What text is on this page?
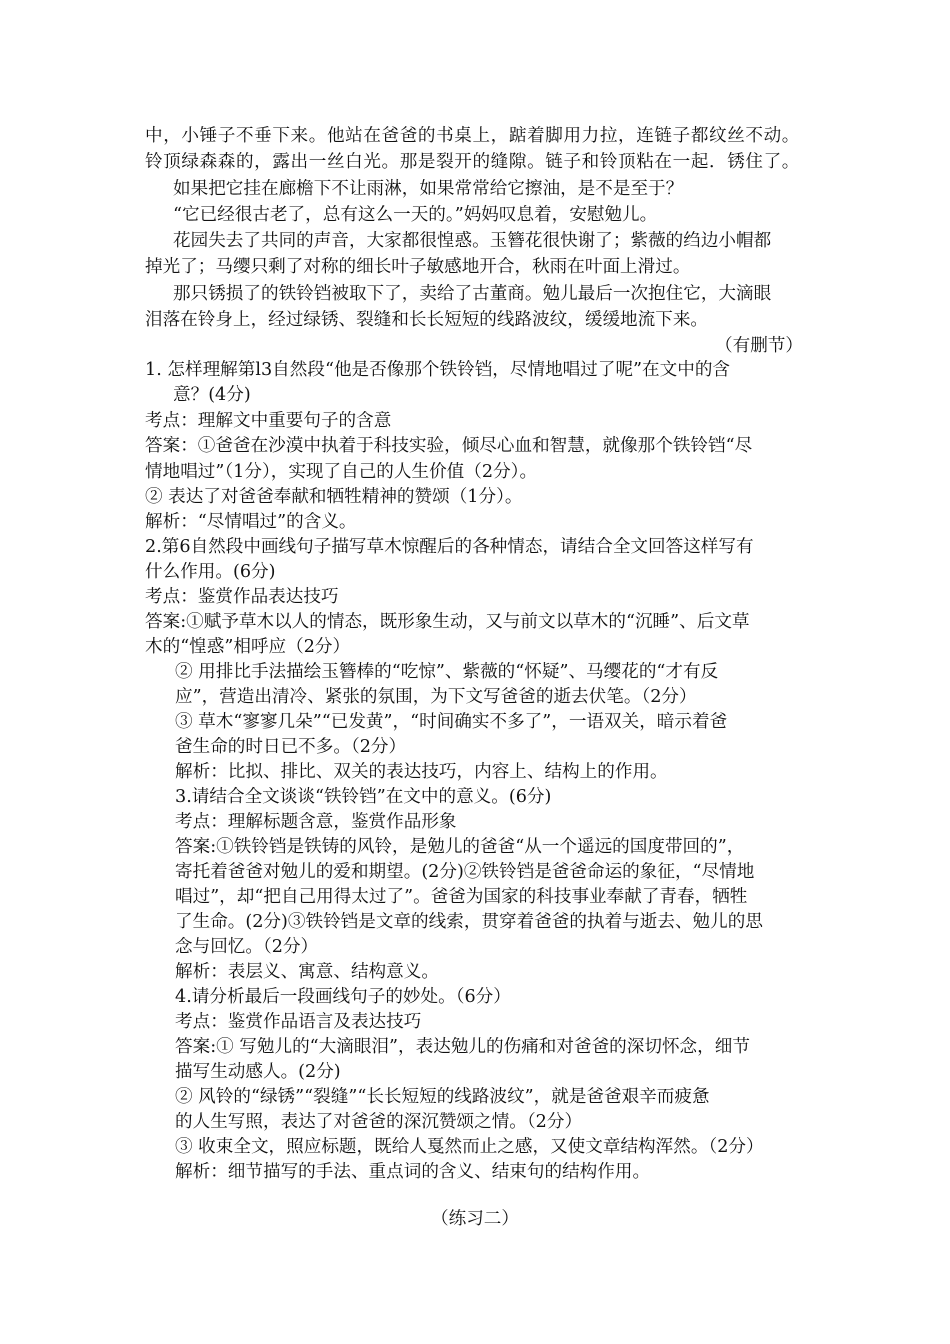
中，小锤子不垂下来。他站在爸爸的书桌上，踮着脚用力拉，连链子都纹丝不动。
铃顶绿森森的，露出一丝白光。那是裂开的缝隙。链子和铃顶粘在一起．锈住了。
如果把它挂在廊檐下不让雨淋，如果常常给它擦油，是不是至于？
“它已经很古老了，总有这么一天的。”妈妈叹息着，安慰勉儿。
花园失去了共同的声音，大家都很惶惑。玉簪花很快谢了；紫薇的绉边小帽都
掉光了；马缨只剩了对称的细长叶子敏感地开合，秋雨在叶面上滑过。
那只锈损了的铁铃铛被取下了，卖给了古董商。勉儿最后一次抱住它，大滴眼
泪落在铃身上，经过绿锈、裂缝和长长短短的线路波纹，缓缓地流下来。
（有删节）
1. 怎样理解第l3自然段“他是否像那个铁铃铛，尽情地唱过了呢”在文中的含
意？(4分)
考点：理解文中重要句子的含意
答案：①爸爸在沙漠中执着于科技实验，倾尽心血和智慧，就像那个铁铃铛“尽
情地唱过”（1分），实现了自己的人生价值（2分）。
② 表达了对爸爸奉献和牺牲精神的赞颂（1分）。
解析：“尽情唱过”的含义。
2.第6自然段中画线句子描写草木惊醒后的各种情态，请结合全文回答这样写有
什么作用。(6分)
考点：鉴赏作品表达技巧
答案:①赋予草木以人的情态，既形象生动，又与前文以草木的“沉睡”、后文草
木的“惶惑”相呼应（2分）
② 用排比手法描绘玉簪棒的“吃惊”、紫薇的“怀疑”、马缨花的“才有反
应”，营造出清冷、紧张的氛围，为下文写爸爸的逝去伏笔。（2分）
③ 草木“寥寥几朵”“已发黄”，“时间确实不多了”，一语双关，暗示着爸
爸生命的时日已不多。（2分）
解析：比拟、排比、双关的表达技巧，内容上、结构上的作用。
3.请结合全文谈谈“铁铃铛”在文中的意义。(6分)
考点：理解标题含意，鉴赏作品形象
答案:①铁铃铛是铁铸的风铃，是勉儿的爸爸“从一个遥远的国度带回的”，
寄托着爸爸对勉儿的爱和期望。(2分)②铁铃铛是爸爸命运的象征，“尽情地
唱过”，却“把自己用得太过了”。爸爸为国家的科技事业奉献了青春，牺牲
了生命。(2分)③铁铃铛是文章的线索，贯穿着爸爸的执着与逝去、勉儿的思
念与回忆。（2分）
解析：表层义、寓意、结构意义。
4.请分析最后一段画线句子的妙处。（6分）
考点：鉴赏作品语言及表达技巧
答案:① 写勉儿的“大滴眼泪”，表达勉儿的伤痛和对爸爸的深切怀念，细节
描写生动感人。(2分)
② 风铃的“绿锈”“裂缝”“长长短短的线路波纹”，就是爸爸艰辛而疲惫
的人生写照，表达了对爸爸的深沉赞颂之情。（2分）
③ 收束全文，照应标题，既给人戛然而止之感，又使文章结构浑然。（2分）
解析：细节描写的手法、重点词的含义、结束句的结构作用。
（练习二）
